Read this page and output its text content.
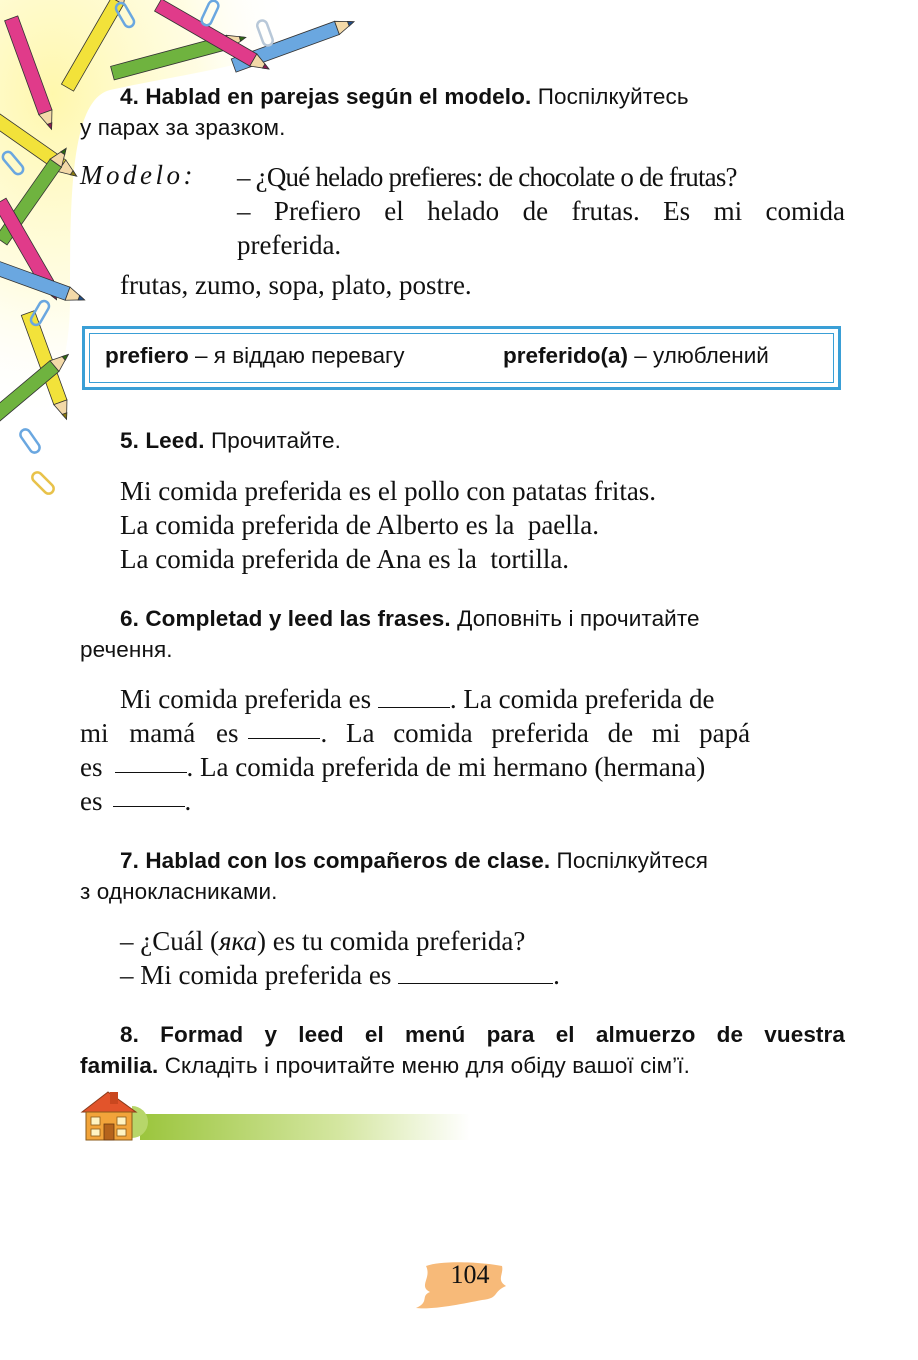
4. Hablad en parejas según el modelo. Поспілкуйтесь
у парах за зразком.
Modelo: – ¿Qué helado prefieres: de chocolate o de frutas?
– Prefiero el helado de frutas. Es mi comida
preferida.
frutas, zumo, sopa, plato, postre.
prefiero – я віддаю перевагу	preferido(a) – улюблений
5. Leed. Прочитайте.
Mi comida preferida es el pollo con patatas fritas.
La comida preferida de Alberto es la  paella.
La comida preferida de Ana es la  tortilla.
6. Completad y leed las frases. Доповніть і прочитайте
речення.
Mi comida preferida es	. La comida preferida de
mi mamá es	. La comida preferida de mi papá
es	. La comida preferida de mi hermano (hermana)
es	.
7. Hablad con los compañeros de clase. Поспілкуйтеся
з однокласниками.
– ¿Cuál (яка) es tu comida preferida?
– Mi comida preferida es	.
8. Formad y leed el menú para el almuerzo de vuestra
familia. Складіть і прочитайте меню для обіду вашої сім’ї.
104
